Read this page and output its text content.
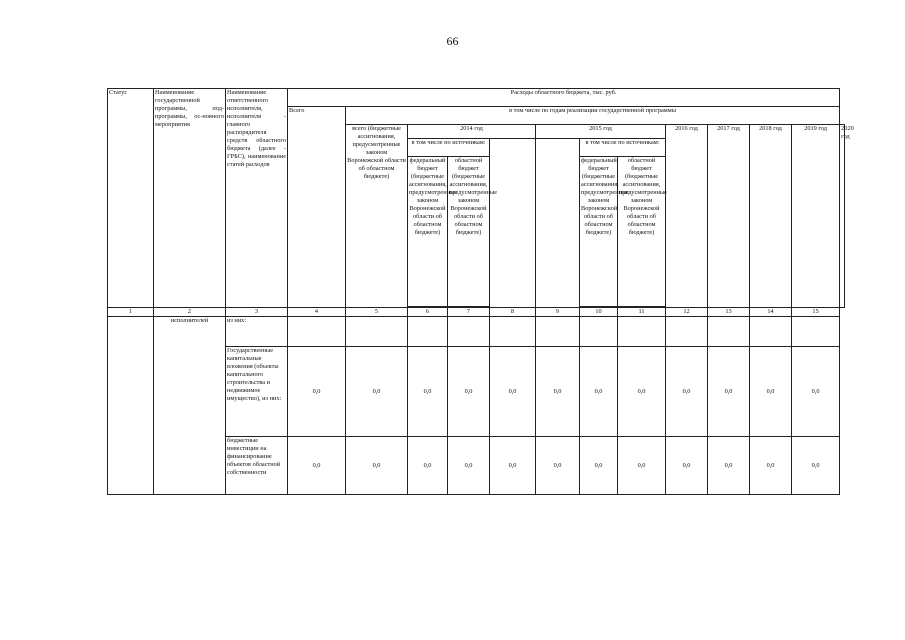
66
Статус	Наименование государственной программы, под-программы, ос-новного мероприятия	Наименование ответственного исполнителя, исполнителя - главного распорядителя средств областного бюджета (далее - ГРБС), наименование статей расходов	Расходы областного бюджета, тыс. руб.												
			Всего	в том числе по годам реализации государственной программы											
				всего (бюджетные ассигнования, предусмотренные законом Воронежской области об областном бюджете)	2014 год			2015 год			2016 год	2017 год	2018 год	2019 год	2020 год
					в том числе по источникам:				в том числе по источникам:						
					федеральный бюджет (бюджетные ассигнования, предусмотренные законом Воронежской области об областном бюджете)	областной бюджет (бюджетные ассигнования, предусмотренные законом Воронежской области об областном бюджете)			федеральный бюджет (бюджетные ассигнования, предусмотренные законом Воронежской области об областном бюджете)	областной бюджет (бюджетные ассигнования, предусмотренные законом Воронежской области об областном бюджете)					

1	2	3	4	5	6	7	8	9	10	11	12	13	14	15	
	исполнителей	из них:													
		Государственные капитальные вложения (объекты капитального строительства и недвижимое имущество), из них:	0,0	0,0	0,0	0,0	0,0	0,0	0,0	0,0	0,0	0,0	0,0	0,0	
		бюджетные инвестиции на финансирование объектов областной собственности	0,0	0,0	0,0	0,0	0,0	0,0	0,0	0,0	0,0	0,0	0,0	0,0	
